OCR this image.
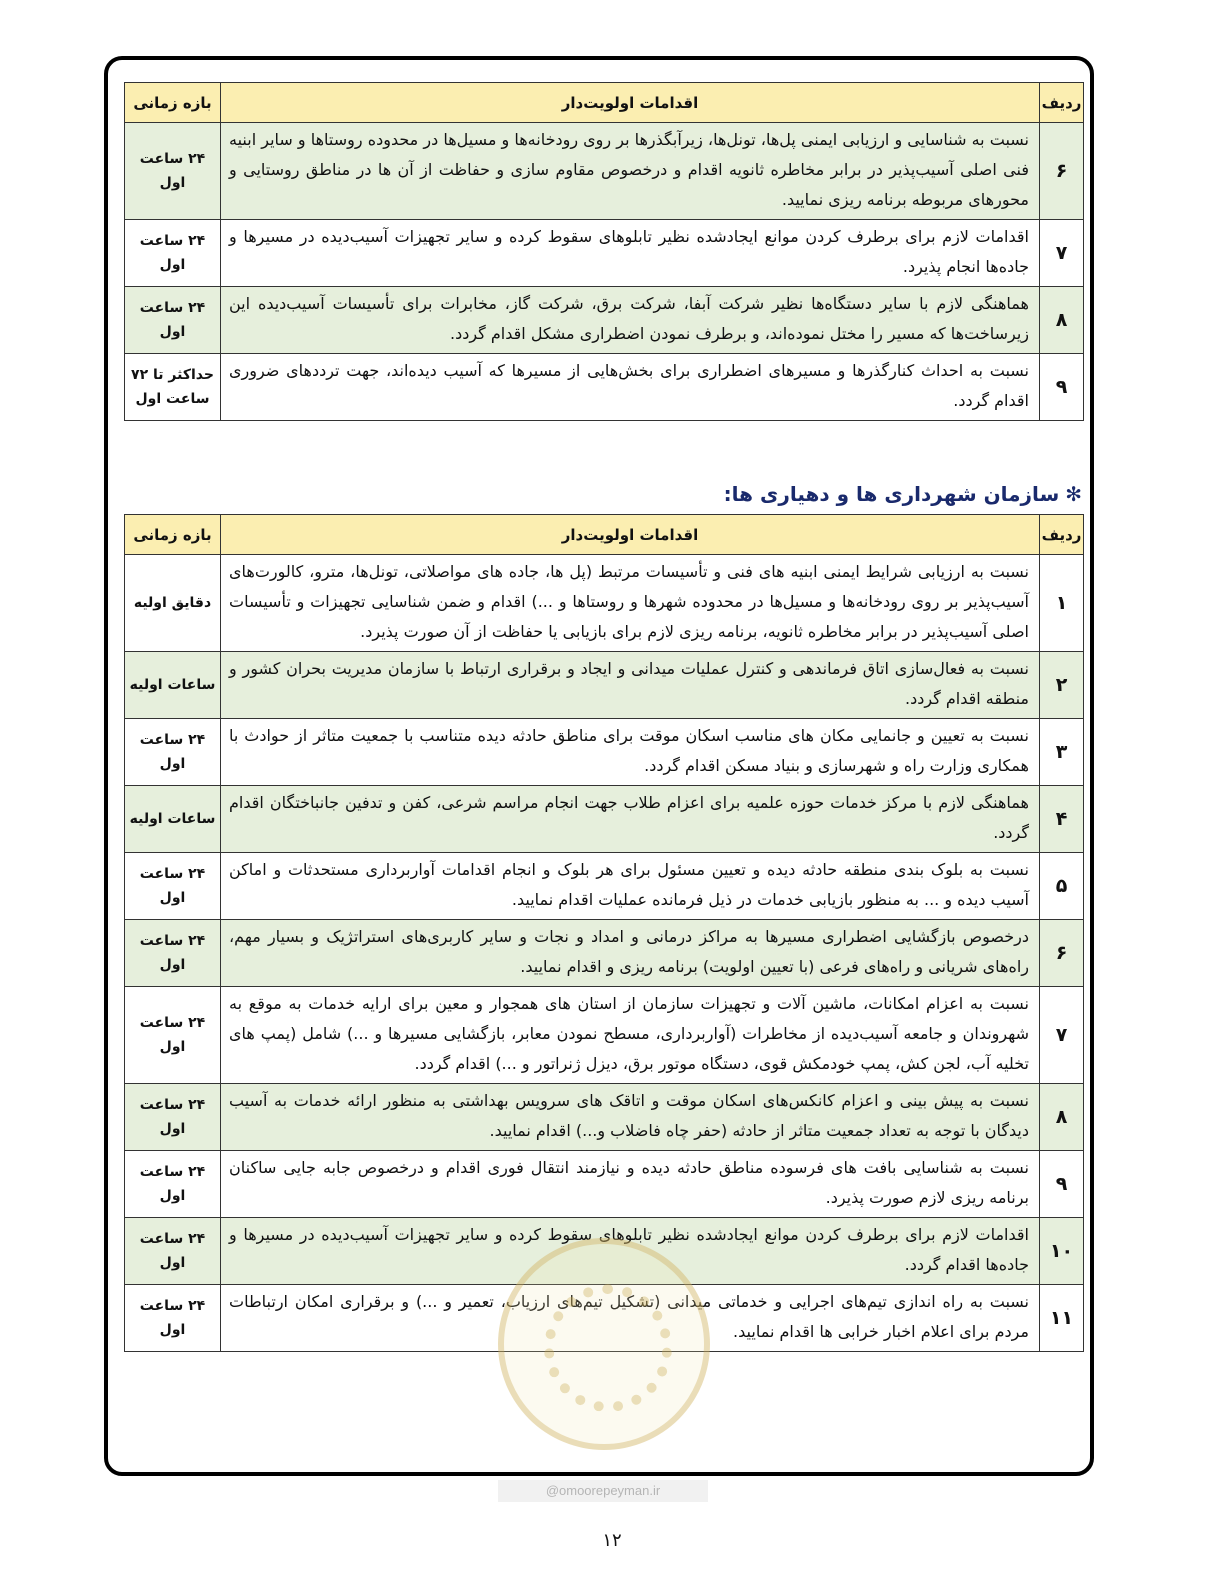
ردیف	اقدامات اولویت‌دار	بازه زمانی
۶	نسبت به شناسایی و ارزیابی ایمنی پل‌ها، تونل‌ها، زیرآبگذرها بر روی رودخانه‌ها و مسیل‌ها در محدوده روستاها و سایر ابنیه فنی اصلی آسیب‌پذیر در برابر مخاطره ثانویه اقدام و درخصوص مقاوم سازی و حفاظت از آن ها در مناطق روستایی و محورهای مربوطه برنامه ریزی نمایید.	۲۴ ساعت اول
۷	اقدامات لازم برای برطرف کردن موانع ایجادشده نظیر تابلوهای سقوط کرده و سایر تجهیزات آسیب‌دیده در مسیرها و جاده‌ها انجام پذیرد.	۲۴ ساعت اول
۸	هماهنگی لازم با سایر دستگاه‌ها نظیر شرکت آبفا، شرکت برق، شرکت گاز، مخابرات برای تأسیسات آسیب‌دیده این زیرساخت‌ها که مسیر را مختل نموده‌اند، و برطرف نمودن اضطراری مشکل اقدام گردد.	۲۴ ساعت اول
۹	نسبت به احداث کنارگذرها و مسیرهای اضطراری برای بخش‌هایی از مسیرها که آسیب دیده‌اند، جهت ترددهای ضروری اقدام گردد.	حداکثر تا ۷۲ ساعت اول
✻سازمان شهرداری ها و دهیاری ها:
ردیف	اقدامات اولویت‌دار	بازه زمانی
۱	نسبت به ارزیابی شرایط ایمنی ابنیه های فنی و تأسیسات مرتبط (پل ها، جاده های مواصلاتی، تونل‌ها، مترو، کالورت‌های آسیب‌پذیر بر روی رودخانه‌ها و مسیل‌ها در محدوده شهرها و روستاها و ...) اقدام و ضمن شناسایی تجهیزات و تأسیسات اصلی آسیب‌پذیر در برابر مخاطره ثانویه، برنامه ریزی لازم برای بازیابی یا حفاظت از آن صورت پذیرد.	دقایق اولیه
۲	نسبت به فعال‌سازی اتاق فرماندهی و کنترل عملیات میدانی و ایجاد و برقراری ارتباط با سازمان مدیریت بحران کشور و منطقه اقدام گردد.	ساعات اولیه
۳	نسبت به تعیین و جانمایی مکان های مناسب اسکان موقت برای مناطق حادثه دیده متناسب با جمعیت متاثر از حوادث با همکاری وزارت راه و شهرسازی و بنیاد مسکن اقدام گردد.	۲۴ ساعت اول
۴	هماهنگی لازم با مرکز خدمات حوزه علمیه برای اعزام طلاب جهت انجام مراسم شرعی، کفن و تدفین جانباختگان اقدام گردد.	ساعات اولیه
۵	نسبت به بلوک بندی منطقه حادثه دیده و تعیین مسئول برای هر بلوک و انجام اقدامات آواربرداری مستحدثات و اماکن آسیب دیده و ... به منظور بازیابی خدمات در ذیل فرمانده عملیات اقدام نمایید.	۲۴ ساعت اول
۶	درخصوص بازگشایی اضطراری مسیرها به مراکز درمانی و امداد و نجات و سایر کاربری‌های استراتژیک و بسیار مهم، راه‌های شریانی و راه‌های فرعی (با تعیین اولویت) برنامه ریزی و اقدام نمایید.	۲۴ ساعت اول
۷	نسبت به اعزام امکانات، ماشین آلات و تجهیزات سازمان از استان های همجوار و معین برای ارایه خدمات به موقع به شهروندان و جامعه آسیب‌دیده از مخاطرات (آواربرداری، مسطح نمودن معابر، بازگشایی مسیرها و ...) شامل (پمپ های تخلیه آب، لجن کش، پمپ خودمکش قوی، دستگاه موتور برق، دیزل ژنراتور و ...) اقدام گردد.	۲۴ ساعت اول
۸	نسبت به پیش بینی و اعزام کانکس‌های اسکان موقت و اتاقک های سرویس بهداشتی به منظور ارائه خدمات به آسیب دیدگان با توجه به تعداد جمعیت متاثر از حادثه (حفر چاه فاضلاب و...) اقدام نمایید.	۲۴ ساعت اول
۹	نسبت به شناسایی بافت های فرسوده مناطق حادثه دیده و نیازمند انتقال فوری اقدام و درخصوص جابه جایی ساکنان برنامه ریزی لازم صورت پذیرد.	۲۴ ساعت اول
۱۰	اقدامات لازم برای برطرف کردن موانع ایجادشده نظیر تابلوهای سقوط کرده و سایر تجهیزات آسیب‌دیده در مسیرها و جاده‌ها اقدام گردد.	۲۴ ساعت اول
۱۱	نسبت به راه اندازی تیم‌های اجرایی و خدماتی میدانی (تشکیل تیم‌های ارزیاب، تعمیر و ...) و برقراری امکان ارتباطات مردم برای اعلام اخبار خرابی ها اقدام نمایید.	۲۴ ساعت اول
@omoorepeyman.ir
۱۲
